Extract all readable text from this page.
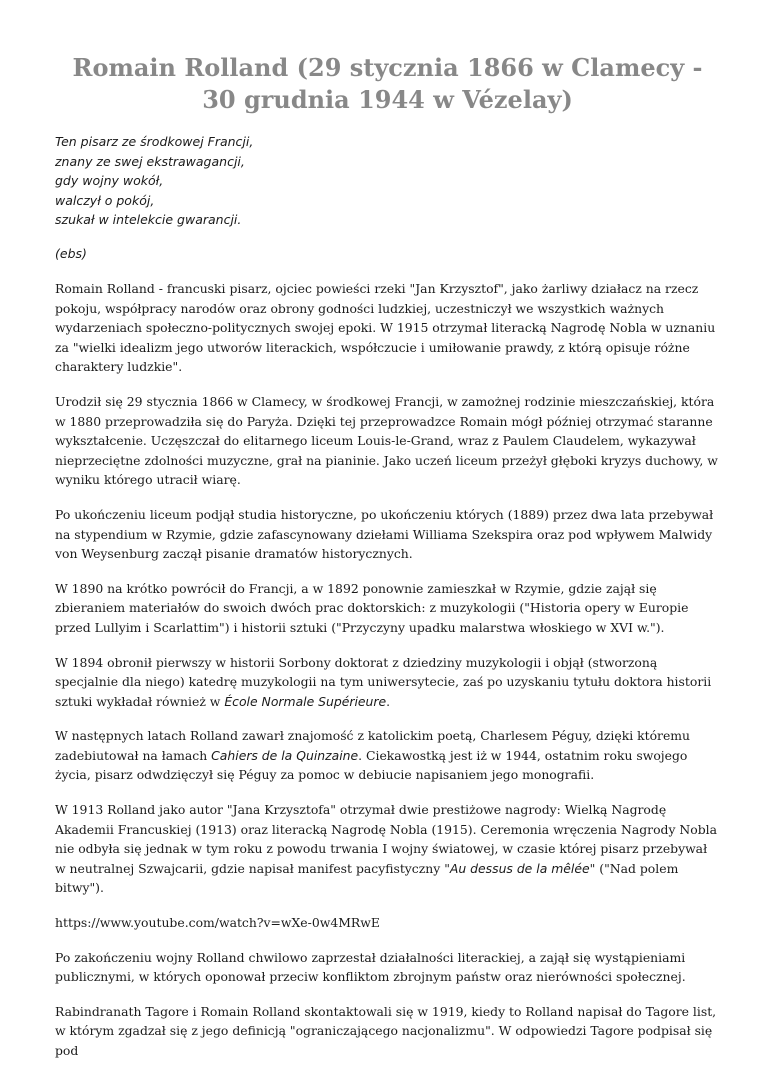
Romain Rolland (29 stycznia 1866 w Clamecy - 30 grudnia 1944 w Vézelay)
Ten pisarz ze środkowej Francji,
znany ze swej ekstrawagancji,
gdy wojny wokół,
walczył o pokój,
szukał w intelekcie gwarancji.
(ebs)

Romain Rolland - francuski pisarz, ojciec powieści rzeki "Jan Krzysztof", jako żarliwy działacz na rzecz pokoju, współpracy narodów oraz obrony godności ludzkiej, uczestniczył we wszystkich ważnych wydarzeniach społeczno-politycznych swojej epoki. W 1915 otrzymał literacką Nagrodę Nobla w uznaniu za "wielki idealizm jego utworów literackich, współczucie i umiłowanie prawdy, z którą opisuje różne charaktery ludzkie".

Urodził się 29 stycznia 1866 w Clamecy, w środkowej Francji, w zamożnej rodzinie mieszczańskiej, która w 1880 przeprowadziła się do Paryża. Dzięki tej przeprowadzce Romain mógł później otrzymać staranne wykształcenie. Uczęszczał do elitarnego liceum Louis-le-Grand, wraz z Paulem Claudelem, wykazywał nieprzeciętne zdolności muzyczne, grał na pianinie. Jako uczeń liceum przeżył głęboki kryzys duchowy, w wyniku którego utracił wiarę.

Po ukończeniu liceum podjął studia historyczne, po ukończeniu których (1889) przez dwa lata przebywał na stypendium w Rzymie, gdzie zafascynowany dziełami Williama Szekspira oraz pod wpływem Malwidy von Weysenburg zaczął pisanie dramatów historycznych.

W 1890 na krótko powrócił do Francji, a w 1892 ponownie zamieszkał w Rzymie, gdzie zajął się zbieraniem materiałów do swoich dwóch prac doktorskich: z muzykologii ("Historia opery w Europie przed Lullyim i Scarlattim") i historii sztuki ("Przyczyny upadku malarstwa włoskiego w XVI w.").

W 1894 obronił pierwszy w historii Sorbony doktorat z dziedziny muzykologii i objął (stworzoną specjalnie dla niego) katedrę muzykologii na tym uniwersytecie, zaś po uzyskaniu tytułu doktora historii sztuki wykładał również w École Normale Supérieure.

W następnych latach Rolland zawarł znajomość z katolickim poetą, Charlesem Péguy, dzięki któremu zadebiutował na łamach Cahiers de la Quinzaine. Ciekawostką jest iż w 1944, ostatnim roku swojego życia, pisarz odwdzięczył się Péguy za pomoc w debiucie napisaniem jego monografii.

W 1913 Rolland jako autor "Jana Krzysztofa" otrzymał dwie prestiżowe nagrody: Wielką Nagrodę Akademii Francuskiej (1913) oraz literacką Nagrodę Nobla (1915). Ceremonia wręczenia Nagrody Nobla nie odbyła się jednak w tym roku z powodu trwania I wojny światowej, w czasie której pisarz przebywał w neutralnej Szwajcarii, gdzie napisał manifest pacyfistyczny "Au dessus de la mêlée" ("Nad polem bitwy").

https://www.youtube.com/watch?v=wXe-0w4MRwE

Po zakończeniu wojny Rolland chwilowo zaprzestał działalności literackiej, a zajął się wystąpieniami publicznymi, w których oponował przeciw konfliktom zbrojnym państw oraz nierówności społecznej.

Rabindranath Tagore i Romain Rolland skontaktowali się w 1919, kiedy to Rolland napisał do Tagore list, w którym zgadzał się z jego definicją "ograniczającego nacjonalizmu". W odpowiedzi Tagore podpisał się pod
